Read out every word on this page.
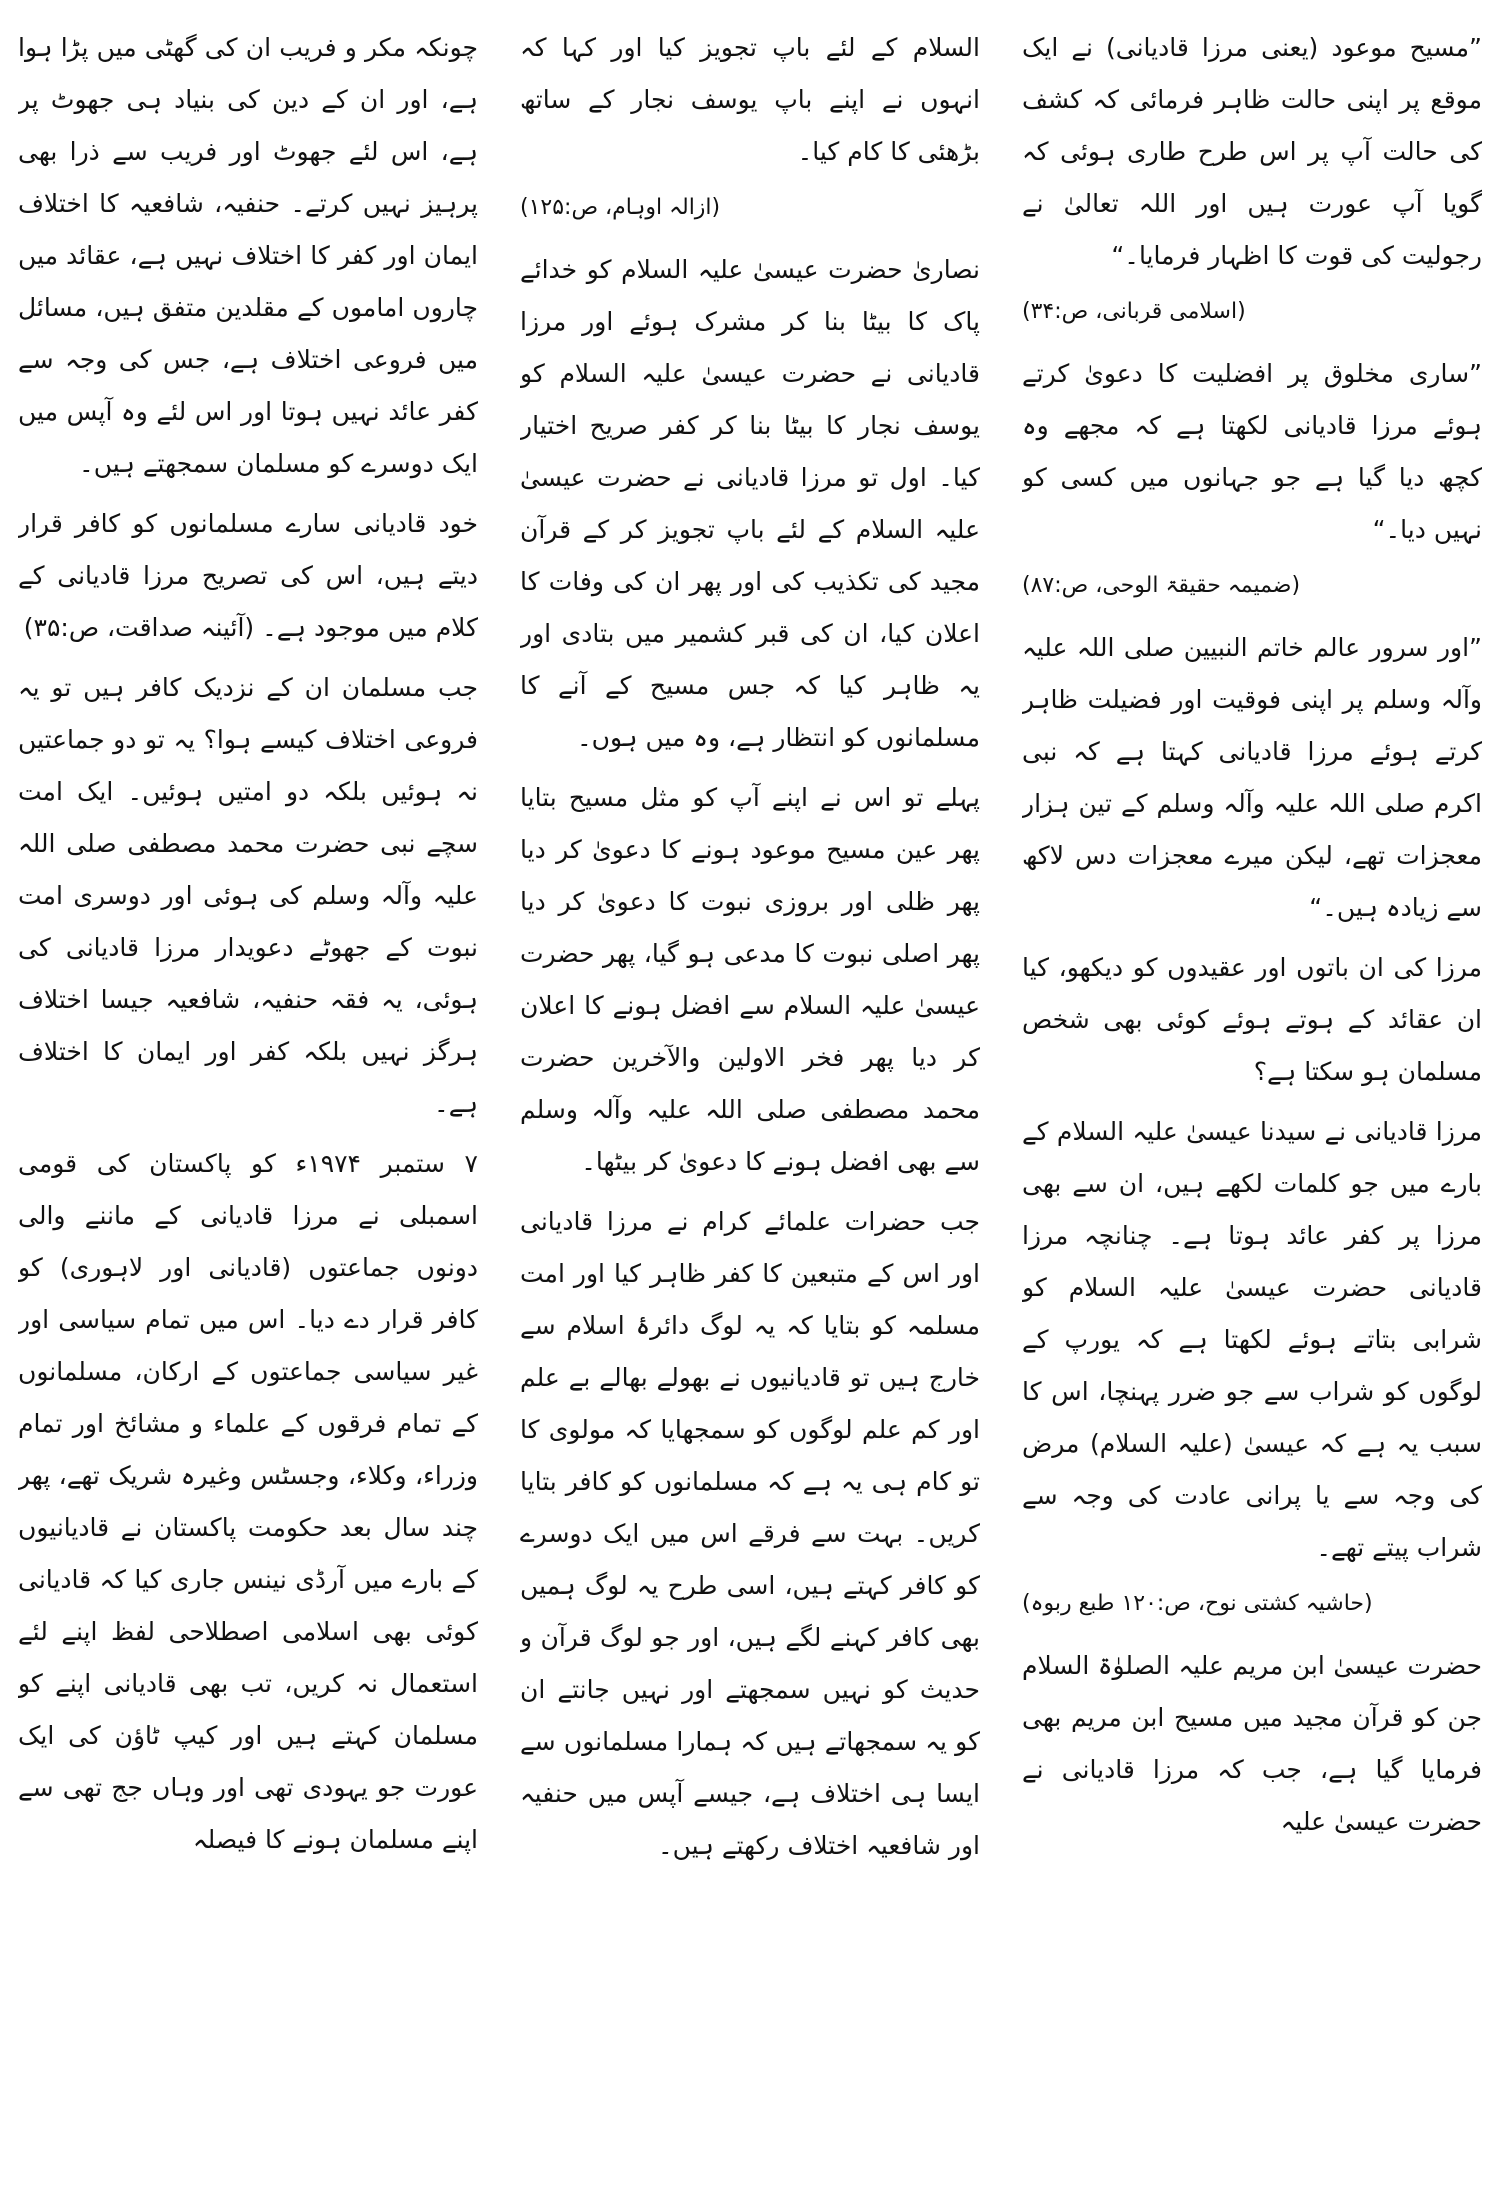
”مسیح موعود (یعنی مرزا قادیانی) نے ایک موقع پر اپنی حالت ظاہر فرمائی کہ کشف کی حالت آپ پر اس طرح طاری ہوئی کہ گویا آپ عورت ہیں اور اللہ تعالیٰ نے رجولیت کی قوت کا اظہار فرمایا۔“

(اسلامی قربانی، ص:۳۴)

”ساری مخلوق پر افضلیت کا دعویٰ کرتے ہوئے مرزا قادیانی لکھتا ہے کہ مجھے وہ کچھ دیا گیا ہے جو جہانوں میں کسی کو نہیں دیا۔“

(ضمیمہ حقیقۃ الوحی، ص:۸۷)

”اور سرور عالم خاتم النبیین صلی اللہ علیہ وآلہ وسلم پر اپنی فوقیت اور فضیلت ظاہر کرتے ہوئے مرزا قادیانی کہتا ہے کہ نبی اکرم صلی اللہ علیہ وآلہ وسلم کے تین ہزار معجزات تھے، لیکن میرے معجزات دس لاکھ سے زیادہ ہیں۔“

مرزا کی ان باتوں اور عقیدوں کو دیکھو، کیا ان عقائد کے ہوتے ہوئے کوئی بھی شخص مسلمان ہو سکتا ہے؟

مرزا قادیانی نے سیدنا عیسیٰ علیہ السلام کے بارے میں جو کلمات لکھے ہیں، ان سے بھی مرزا پر کفر عائد ہوتا ہے۔ چنانچہ مرزا قادیانی حضرت عیسیٰ علیہ السلام کو شرابی بتاتے ہوئے لکھتا ہے کہ یورپ کے لوگوں کو شراب سے جو ضرر پہنچا، اس کا سبب یہ ہے کہ عیسیٰ (علیہ السلام) مرض کی وجہ سے یا پرانی عادت کی وجہ سے شراب پیتے تھے۔

(حاشیہ کشتی نوح، ص:۱۲۰ طبع ربوہ)

حضرت عیسیٰ ابن مریم علیہ الصلوٰۃ السلام جن کو قرآن مجید میں مسیح ابن مریم بھی فرمایا گیا ہے، جب کہ مرزا قادیانی نے حضرت عیسیٰ علیہ

السلام کے لئے باپ تجویز کیا اور کہا کہ انہوں نے اپنے باپ یوسف نجار کے ساتھ بڑھئی کا کام کیا۔

(ازالہ اوہام، ص:۱۲۵)

نصاریٰ حضرت عیسیٰ علیہ السلام کو خدائے پاک کا بیٹا بنا کر مشرک ہوئے اور مرزا قادیانی نے حضرت عیسیٰ علیہ السلام کو یوسف نجار کا بیٹا بنا کر کفر صریح اختیار کیا۔ اول تو مرزا قادیانی نے حضرت عیسیٰ علیہ السلام کے لئے باپ تجویز کر کے قرآن مجید کی تکذیب کی اور پھر ان کی وفات کا اعلان کیا، ان کی قبر کشمیر میں بتادی اور یہ ظاہر کیا کہ جس مسیح کے آنے کا مسلمانوں کو انتظار ہے، وہ میں ہوں۔

پہلے تو اس نے اپنے آپ کو مثل مسیح بتایا پھر عین مسیح موعود ہونے کا دعویٰ کر دیا پھر ظلی اور بروزی نبوت کا دعویٰ کر دیا پھر اصلی نبوت کا مدعی ہو گیا، پھر حضرت عیسیٰ علیہ السلام سے افضل ہونے کا اعلان کر دیا پھر فخر الاولین والآخرین حضرت محمد مصطفی صلی اللہ علیہ وآلہ وسلم سے بھی افضل ہونے کا دعویٰ کر بیٹھا۔

جب حضرات علمائے کرام نے مرزا قادیانی اور اس کے متبعین کا کفر ظاہر کیا اور امت مسلمہ کو بتایا کہ یہ لوگ دائرۂ اسلام سے خارج ہیں تو قادیانیوں نے بھولے بھالے بے علم اور کم علم لوگوں کو سمجھایا کہ مولوی کا تو کام ہی یہ ہے کہ مسلمانوں کو کافر بتایا کریں۔ بہت سے فرقے اس میں ایک دوسرے کو کافر کہتے ہیں، اسی طرح یہ لوگ ہمیں بھی کافر کہنے لگے ہیں، اور جو لوگ قرآن و حدیث کو نہیں سمجھتے اور نہیں جانتے ان کو یہ سمجھاتے ہیں کہ ہمارا مسلمانوں سے ایسا ہی اختلاف ہے، جیسے آپس میں حنفیہ اور شافعیہ اختلاف رکھتے ہیں۔

چونکہ مکر و فریب ان کی گھٹی میں پڑا ہوا ہے، اور ان کے دین کی بنیاد ہی جھوٹ پر ہے، اس لئے جھوٹ اور فریب سے ذرا بھی پرہیز نہیں کرتے۔ حنفیہ، شافعیہ کا اختلاف ایمان اور کفر کا اختلاف نہیں ہے، عقائد میں چاروں اماموں کے مقلدین متفق ہیں، مسائل میں فروعی اختلاف ہے، جس کی وجہ سے کفر عائد نہیں ہوتا اور اس لئے وہ آپس میں ایک دوسرے کو مسلمان سمجھتے ہیں۔

خود قادیانی سارے مسلمانوں کو کافر قرار دیتے ہیں، اس کی تصریح مرزا قادیانی کے کلام میں موجود ہے۔ (آئینہ صداقت، ص:۳۵)

جب مسلمان ان کے نزدیک کافر ہیں تو یہ فروعی اختلاف کیسے ہوا؟ یہ تو دو جماعتیں نہ ہوئیں بلکہ دو امتیں ہوئیں۔ ایک امت سچے نبی حضرت محمد مصطفی صلی اللہ علیہ وآلہ وسلم کی ہوئی اور دوسری امت نبوت کے جھوٹے دعویدار مرزا قادیانی کی ہوئی، یہ فقہ حنفیہ، شافعیہ جیسا اختلاف ہرگز نہیں بلکہ کفر اور ایمان کا اختلاف ہے۔

۷ ستمبر ۱۹۷۴ء کو پاکستان کی قومی اسمبلی نے مرزا قادیانی کے ماننے والی دونوں جماعتوں (قادیانی اور لاہوری) کو کافر قرار دے دیا۔ اس میں تمام سیاسی اور غیر سیاسی جماعتوں کے ارکان، مسلمانوں کے تمام فرقوں کے علماء و مشائخ اور تمام وزراء، وکلاء، وجسٹس وغیرہ شریک تھے، پھر چند سال بعد حکومت پاکستان نے قادیانیوں کے بارے میں آرڈی نینس جاری کیا کہ قادیانی کوئی بھی اسلامی اصطلاحی لفظ اپنے لئے استعمال نہ کریں، تب بھی قادیانی اپنے کو مسلمان کہتے ہیں اور کیپ ٹاؤن کی ایک عورت جو یہودی تھی اور وہاں جج تھی سے اپنے مسلمان ہونے کا فیصلہ
